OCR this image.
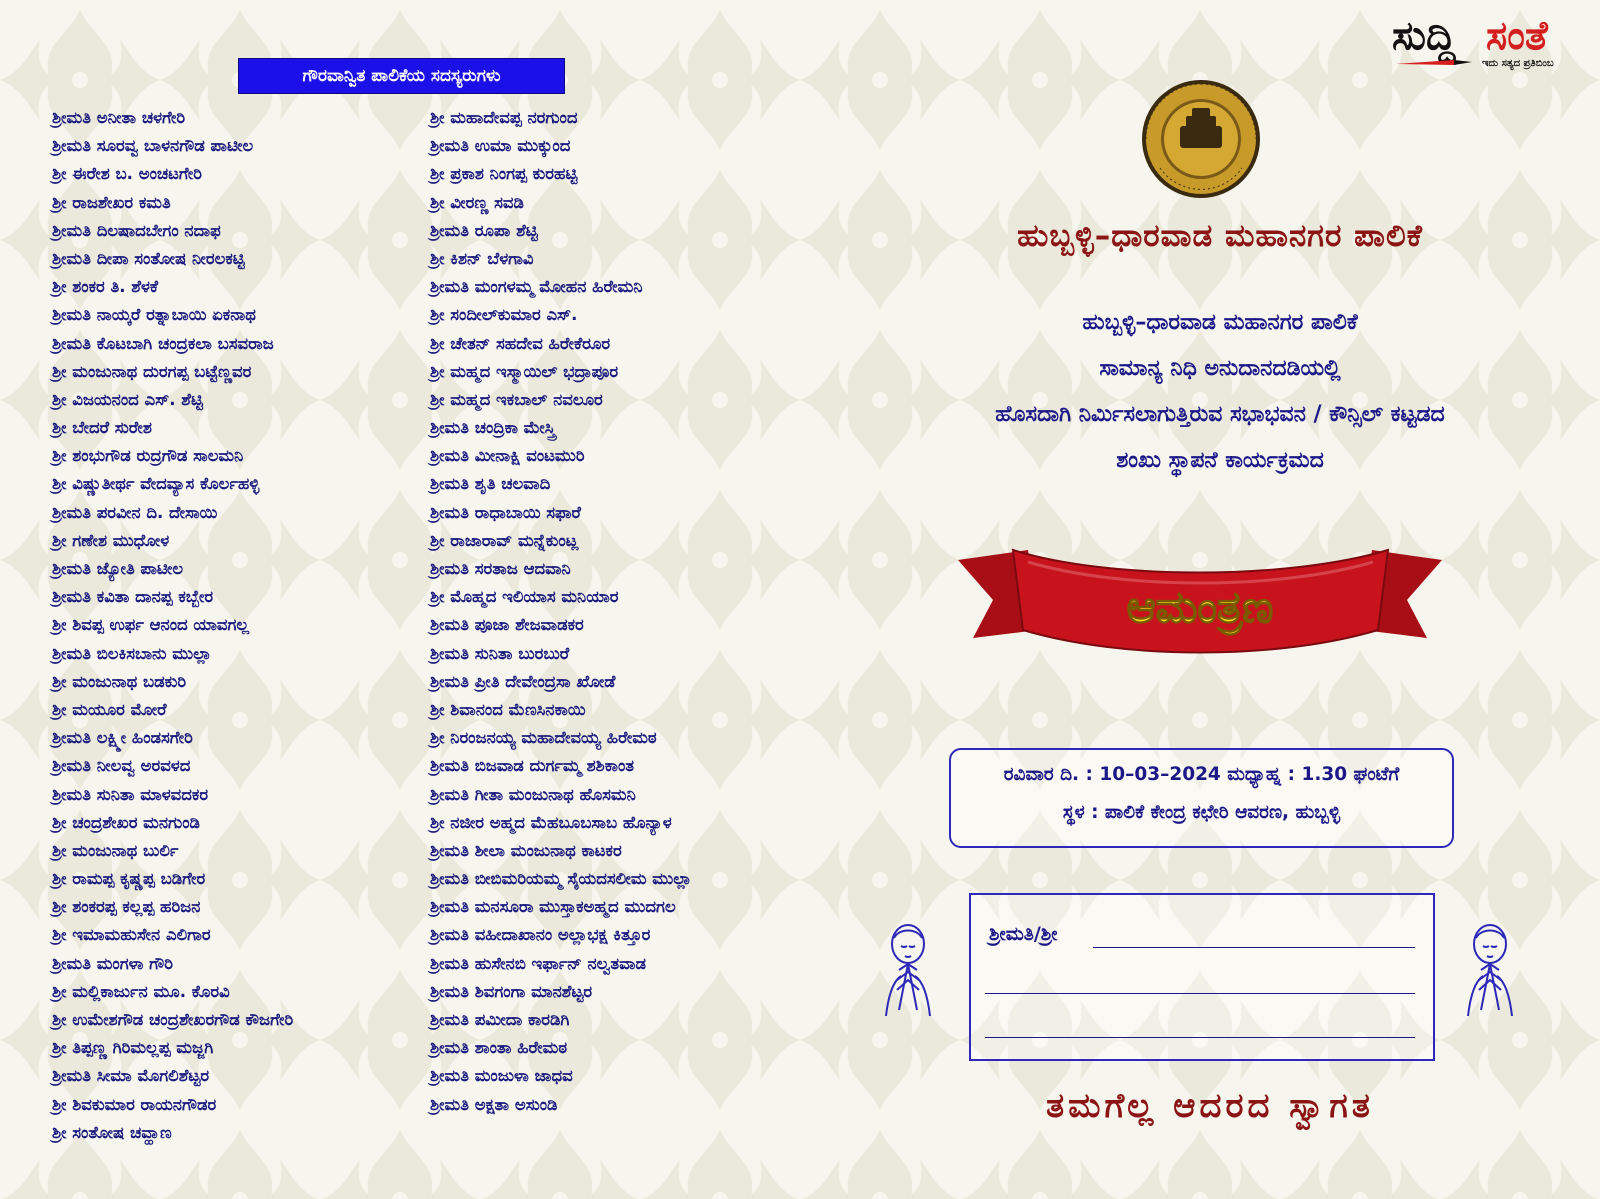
ಗೌರವಾನ್ವಿತ ಪಾಲಿಕೆಯ ಸದಸ್ಯರುಗಳು
ಶ್ರೀಮತಿ ಅನೀತಾ ಚಳಗೇರಿ
ಶ್ರೀಮತಿ ಸೂರವ್ವ ಬಾಳನಗೌಡ ಪಾಟೀಲ
ಶ್ರೀ ಈರೇಶ ಬ. ಅಂಚಟಗೇರಿ
ಶ್ರೀ ರಾಜಶೇಖರ ಕಮತಿ
ಶ್ರೀಮತಿ ದಿಲಷಾದಬೇಗಂ ನದಾಫ
ಶ್ರೀಮತಿ ದೀಪಾ ಸಂತೋಷ ನೀರಲಕಟ್ಟಿ
ಶ್ರೀ ಶಂಕರ ತಿ. ಶೆಳಕೆ
ಶ್ರೀಮತಿ ನಾಯ್ಕರೆ ರತ್ನಾಬಾಯಿ ಏಕನಾಥ
ಶ್ರೀಮತಿ ಕೊಟಬಾಗಿ ಚಂದ್ರಕಲಾ ಬಸವರಾಜ
ಶ್ರೀ ಮಂಜುನಾಥ ದುರಗಪ್ಪ ಬಟ್ಟೆಣ್ಣವರ
ಶ್ರೀ ವಿಜಯನಂದ ಎಸ್. ಶೆಟ್ಟಿ
ಶ್ರೀ ಬೇದರೆ ಸುರೇಶ
ಶ್ರೀ ಶಂಭುಗೌಡ ರುದ್ರಗೌಡ ಸಾಲಮನಿ
ಶ್ರೀ ವಿಷ್ಣುತೀರ್ಥ ವೇದವ್ಯಾಸ ಕೊರ್ಲಹಳ್ಳಿ
ಶ್ರೀಮತಿ ಪರವೀನ ದಿ. ದೇಸಾಯಿ
ಶ್ರೀ ಗಣೇಶ ಮುಧೋಳ
ಶ್ರೀಮತಿ ಜ್ಯೋತಿ ಪಾಟೀಲ
ಶ್ರೀಮತಿ ಕವಿತಾ ದಾನಪ್ಪ ಕಬ್ಬೇರ
ಶ್ರೀ ಶಿವಪ್ಪ ಉರ್ಫ ಆನಂದ ಯಾವಗಲ್ಲ
ಶ್ರೀಮತಿ ಬಿಲಕಿಸಬಾನು ಮುಲ್ಲಾ
ಶ್ರೀ ಮಂಜುನಾಥ ಬಡಕುರಿ
ಶ್ರೀ ಮಯೂರ ಮೋರೆ
ಶ್ರೀಮತಿ ಲಕ್ಷ್ಮೀ ಹಿಂಡಸಗೇರಿ
ಶ್ರೀಮತಿ ನೀಲವ್ವ ಅರವಳದ
ಶ್ರೀಮತಿ ಸುನಿತಾ ಮಾಳವದಕರ
ಶ್ರೀ ಚಂದ್ರಶೇಖರ ಮನಗುಂಡಿ
ಶ್ರೀ ಮಂಜುನಾಥ ಬುರ್ಲಿ
ಶ್ರೀ ರಾಮಪ್ಪ ಕೃಷ್ಣಪ್ಪ ಬಡಿಗೇರ
ಶ್ರೀ ಶಂಕರಪ್ಪ ಕಲ್ಲಪ್ಪ ಹರಿಜನ
ಶ್ರೀ ಇಮಾಮಹುಸೇನ ಎಲಿಗಾರ
ಶ್ರೀಮತಿ ಮಂಗಳಾ ಗೌರಿ
ಶ್ರೀ ಮಲ್ಲಿಕಾರ್ಜುನ ಮೂ. ಕೊರವಿ
ಶ್ರೀ ಉಮೇಶಗೌಡ ಚಂದ್ರಶೇಖರಗೌಡ ಕೌಜಗೇರಿ
ಶ್ರೀ ತಿಪ್ಪಣ್ಣ ಗಿರಿಮಲ್ಲಪ್ಪ ಮಜ್ಜಗಿ
ಶ್ರೀಮತಿ ಸೀಮಾ ಮೊಗಲಿಶೆಟ್ಟರ
ಶ್ರೀ ಶಿವಕುಮಾರ ರಾಯನಗೌಡರ
ಶ್ರೀ ಸಂತೋಷ ಚವ್ಹಾಣ
ಶ್ರೀ ಮಹಾದೇವಪ್ಪ ನರಗುಂದ
ಶ್ರೀಮತಿ ಉಮಾ ಮುಕ್ಕುಂದ
ಶ್ರೀ ಪ್ರಕಾಶ ನಿಂಗಪ್ಪ ಕುರಹಟ್ಟಿ
ಶ್ರೀ ವೀರಣ್ಣ ಸವಡಿ
ಶ್ರೀಮತಿ ರೂಪಾ ಶೆಟ್ಟಿ
ಶ್ರೀ ಕಿಶನ್ ಬೆಳಗಾವಿ
ಶ್ರೀಮತಿ ಮಂಗಳಮ್ಮ ಮೋಹನ ಹಿರೇಮನಿ
ಶ್ರೀ ಸಂದೀಲ್‌ಕುಮಾರ ಎಸ್.
ಶ್ರೀ ಚೇತನ್ ಸಹದೇವ ಹಿರೇಕೆರೂರ
ಶ್ರೀ ಮಹ್ಮದ ಇಸ್ಮಾಯಿಲ್ ಭದ್ರಾಪೂರ
ಶ್ರೀ ಮಹ್ಮದ ಇಕಬಾಲ್ ನವಲೂರ
ಶ್ರೀಮತಿ ಚಂದ್ರಿಕಾ ಮೇಸ್ತ್ರಿ
ಶ್ರೀಮತಿ ಮೀನಾಕ್ಷಿ ವಂಟಮುರಿ
ಶ್ರೀಮತಿ ಶೃತಿ ಚಲವಾದಿ
ಶ್ರೀಮತಿ ರಾಧಾಬಾಯಿ ಸಫಾರೆ
ಶ್ರೀ ರಾಜಾರಾವ್ ಮನ್ನೆಕುಂಟ್ಲ
ಶ್ರೀಮತಿ ಸರತಾಜ ಆದವಾನಿ
ಶ್ರೀ ಮೊಹ್ಮದ ಇಲಿಯಾಸ ಮನಿಯಾರ
ಶ್ರೀಮತಿ ಪೂಜಾ ಶೇಜವಾಡಕರ
ಶ್ರೀಮತಿ ಸುನಿತಾ ಬುರಬುರೆ
ಶ್ರೀಮತಿ ಪ್ರೀತಿ ದೇವೇಂದ್ರಸಾ ಖೋಡೆ
ಶ್ರೀ ಶಿವಾನಂದ ಮೆಣಸಿನಕಾಯಿ
ಶ್ರೀ ನಿರಂಜನಯ್ಯ ಮಹಾದೇವಯ್ಯ ಹಿರೇಮಠ
ಶ್ರೀಮತಿ ಬಿಜವಾಡ ದುರ್ಗಮ್ಮ ಶಶಿಕಾಂತ
ಶ್ರೀಮತಿ ಗೀತಾ ಮಂಜುನಾಥ ಹೊಸಮನಿ
ಶ್ರೀ ನಜೀರ ಅಹ್ಮದ ಮೆಹಬೂಬಸಾಬ ಹೊನ್ಯಾಳ
ಶ್ರೀಮತಿ ಶೀಲಾ ಮಂಜುನಾಥ ಕಾಟಕರ
ಶ್ರೀಮತಿ ಬೀಬಿಮರಿಯಮ್ಮ ಸೈಯದಸಲೀಮ ಮುಲ್ಲಾ
ಶ್ರೀಮತಿ ಮನಸೂರಾ ಮುಸ್ತಾಕಅಹ್ಮದ ಮುದಗಲ
ಶ್ರೀಮತಿ ವಹೀದಾಖಾನಂ ಅಲ್ಲಾಭಕ್ಷ ಕಿತ್ತೂರ
ಶ್ರೀಮತಿ ಹುಸೇನಬಿ ಇರ್ಫಾನ್ ನಲ್ವತವಾಡ
ಶ್ರೀಮತಿ ಶಿವಗಂಗಾ ಮಾನಶೆಟ್ಟರ
ಶ್ರೀಮತಿ ಪಮೀದಾ ಕಾರಡಿಗಿ
ಶ್ರೀಮತಿ ಶಾಂತಾ ಹಿರೇಮಠ
ಶ್ರೀಮತಿ ಮಂಜುಳಾ ಜಾಧವ
ಶ್ರೀಮತಿ ಅಕ್ಷತಾ ಅಸುಂಡಿ
ಸುದ್ದಿ ಸಂತೆ
ಇದು ಸತ್ಯದ ಪ್ರತಿಬಿಂಬ
ಹುಬ್ಬಳ್ಳಿ–ಧಾರವಾಡ ಮಹಾನಗರ ಪಾಲಿಕೆ
ಹುಬ್ಬಳ್ಳಿ–ಧಾರವಾಡ ಮಹಾನಗರ ಪಾಲಿಕೆ
ಸಾಮಾನ್ಯ ನಿಧಿ ಅನುದಾನದಡಿಯಲ್ಲಿ
ಹೊಸದಾಗಿ ನಿರ್ಮಿಸಲಾಗುತ್ತಿರುವ ಸಭಾಭವನ / ಕೌನ್ಸಿಲ್ ಕಟ್ಟಡದ
ಶಂಖು ಸ್ಥಾಪನೆ ಕಾರ್ಯಕ್ರಮದ
ಆಮಂತ್ರಣ
ರವಿವಾರ ದಿ. : 10–03–2024 ಮಧ್ಯಾಹ್ನ : 1.30 ಘಂಟೆಗೆ
ಸ್ಥಳ : ಪಾಲಿಕೆ ಕೇಂದ್ರ ಕಛೇರಿ ಆವರಣ, ಹುಬ್ಬಳ್ಳಿ
ಶ್ರೀಮತಿ/ಶ್ರೀ
ತಮಗೆಲ್ಲ ಆದರದ ಸ್ವಾಗತ
